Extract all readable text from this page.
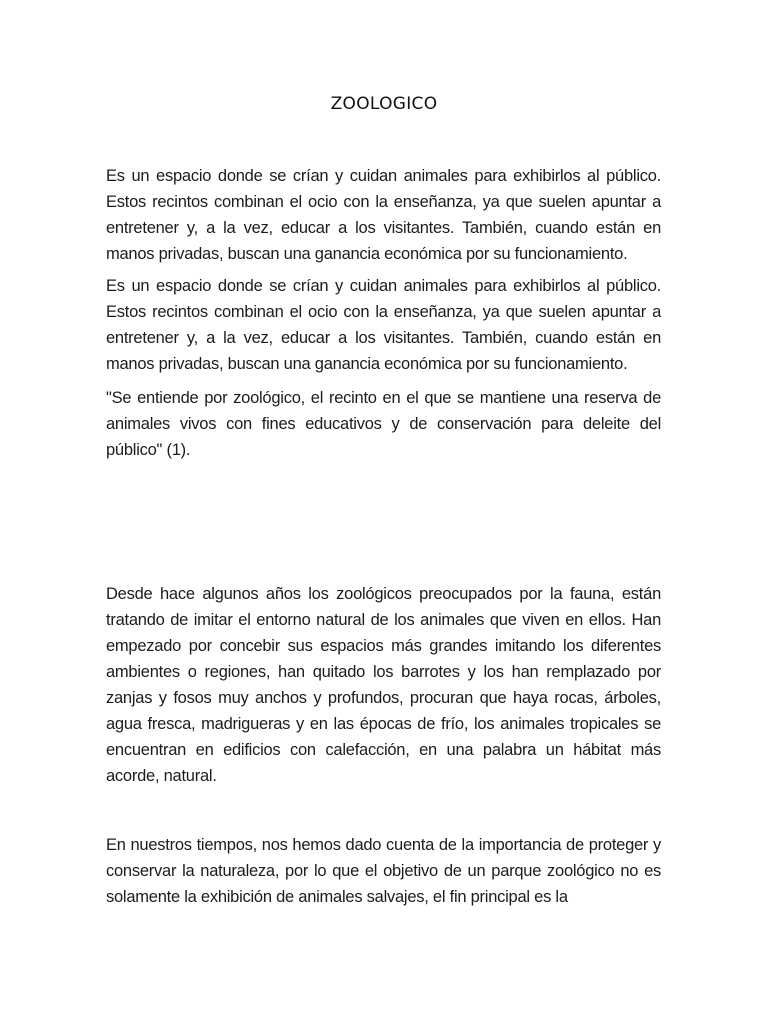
ZOOLOGICO

Es un espacio donde se crían y cuidan animales para exhibirlos al público. Estos recintos combinan el ocio con la enseñanza, ya que suelen apuntar a entretener y, a la vez, educar a los visitantes. También, cuando están en manos privadas, buscan una ganancia económica por su funcionamiento.

Es un espacio donde se crían y cuidan animales para exhibirlos al público. Estos recintos combinan el ocio con la enseñanza, ya que suelen apuntar a entretener y, a la vez, educar a los visitantes. También, cuando están en manos privadas, buscan una ganancia económica por su funcionamiento.

"Se entiende por zoológico, el recinto en el que se mantiene una reserva de animales vivos con fines educativos y de conservación para deleite del público" (1).

Desde hace algunos años los zoológicos preocupados por la fauna, están tratando de imitar el entorno natural de los animales que viven en ellos. Han empezado por concebir sus espacios más grandes imitando los diferentes ambientes o regiones, han quitado los barrotes y los han remplazado por zanjas y fosos muy anchos y profundos, procuran que haya rocas, árboles, agua fresca, madrigueras y en las épocas de frío, los animales tropicales se encuentran en edificios con calefacción, en una palabra un hábitat más acorde, natural.

En nuestros tiempos, nos hemos dado cuenta de la importancia de proteger y conservar la naturaleza, por lo que el objetivo de un parque zoológico no es solamente la exhibición de animales salvajes, el fin principal es la
